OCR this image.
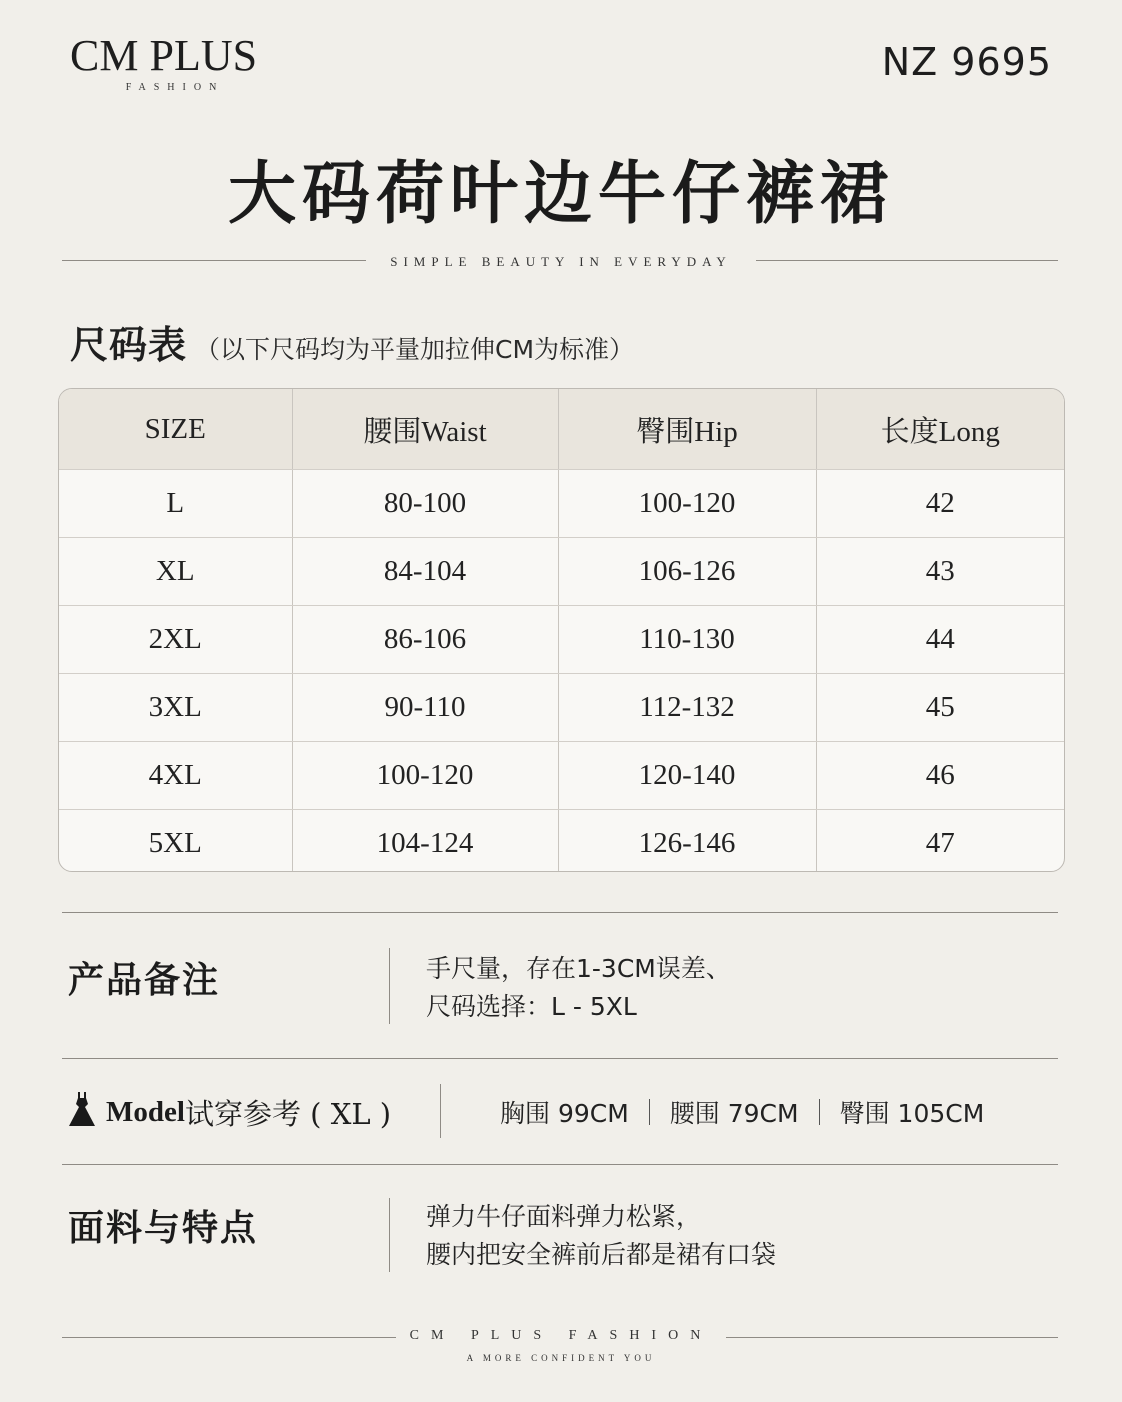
CM PLUS
FASHION
NZ 9695
大码荷叶边牛仔裤裙
SIMPLE BEAUTY IN EVERYDAY
尺码表 （以下尺码均为平量加拉伸CM为标准）
SIZE	腰围Waist	臀围Hip	长度Long
L	80-100	100-120	42
XL	84-104	106-126	43
2XL	86-106	110-130	44
3XL	90-110	112-132	45
4XL	100-120	120-140	46
5XL	104-124	126-146	47
产品备注	手尺量，存在1-3CM误差、
尺码选择：L - 5XL
Model 试穿参考 ( XL )	胸围 99CM 腰围 79CM 臀围 105CM
面料与特点	弹力牛仔面料弹力松紧，
腰内把安全裤前后都是裙有口袋
CM PLUS FASHION
A MORE CONFIDENT YOU
